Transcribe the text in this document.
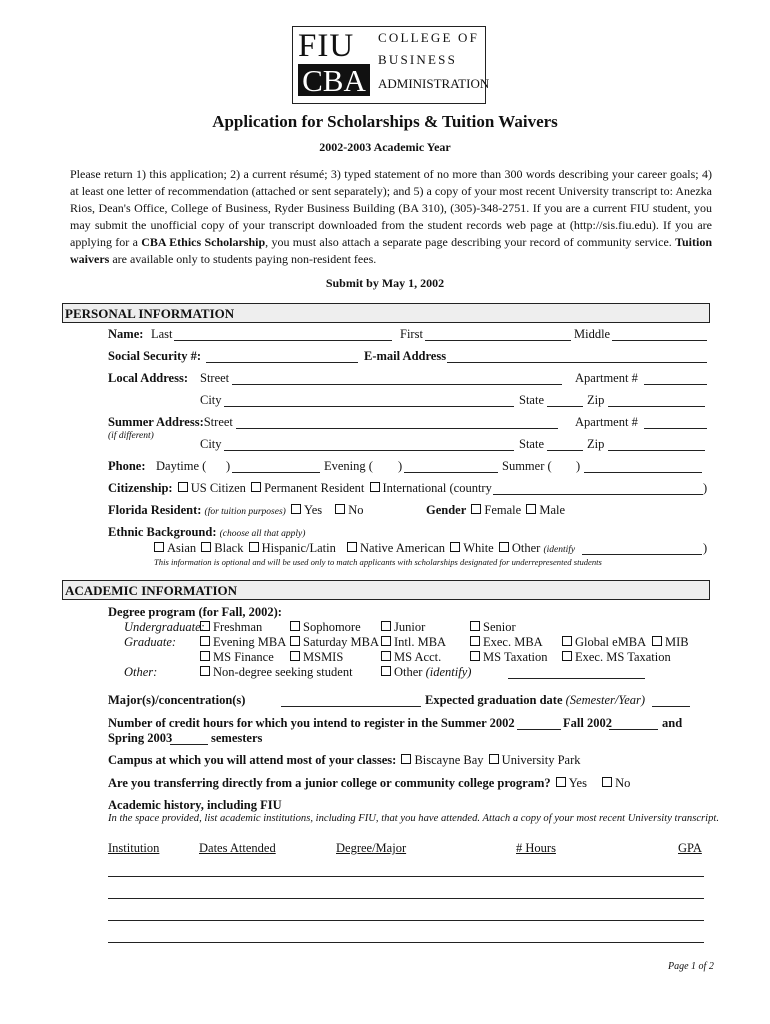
FIU
CBA
COLLEGE OF
BUSINESS
ADMINISTRATION
Application for Scholarships & Tuition Waivers
2002-2003 Academic Year
Please return 1) this application; 2) a current résumé; 3) typed statement of no more than 300 words describing your career goals; 4) at least one letter of recommendation (attached or sent separately); and 5) a copy of your most recent University transcript to: Anezka Rios, Dean's Office, College of Business, Ryder Business Building (BA 310), (305)-348-2751. If you are a current FIU student, you may submit the unofficial copy of your transcript downloaded from the student records web page at (http://sis.fiu.edu). If you are applying for a CBA Ethics Scholarship, you must also attach a separate page describing your record of community service. Tuition waivers are available only to students paying non-resident fees.
Submit by May 1, 2002
PERSONAL INFORMATION
Name: Last	First	Middle
Social Security #:	E-mail Address
Local Address: Street	Apartment #
City	State	Zip
Summer Address:Street	Apartment #
(if different)
City	State	Zip
Phone: Daytime ( )	Evening ( )	Summer ( )
Citizenship: US Citizen Permanent Resident International (country	)
Florida Resident: (for tuition purposes) Yes No	Gender Female Male
Ethnic Background: (choose all that apply)
Asian Black Hispanic/Latin Native American White Other (identify	)
This information is optional and will be used only to match applicants with scholarships designated for underrepresented students
ACADEMIC INFORMATION
Degree program (for Fall, 2002):
Undergraduate: Freshman	Sophomore	Junior	Senior
Graduate:	Evening MBA	Saturday MBA	Intl. MBA	Exec. MBA	Global eMBA	MIB
MS Finance	MSMIS	MS Acct.	MS Taxation	Exec. MS Taxation
Other:	Non-degree seeking student	Other (identify)
Major(s)/concentration(s)	Expected graduation date (Semester/Year)
Number of credit hours for which you intend to register in the Summer 2002	Fall 2002	and
Spring 2003	semesters
Campus at which you will attend most of your classes: Biscayne Bay University Park
Are you transferring directly from a junior college or community college program? Yes No
Academic history, including FIU
In the space provided, list academic institutions, including FIU, that you have attended. Attach a copy of your most recent University transcript.
Institution	Dates Attended	Degree/Major	# Hours	GPA
Page 1 of 2
